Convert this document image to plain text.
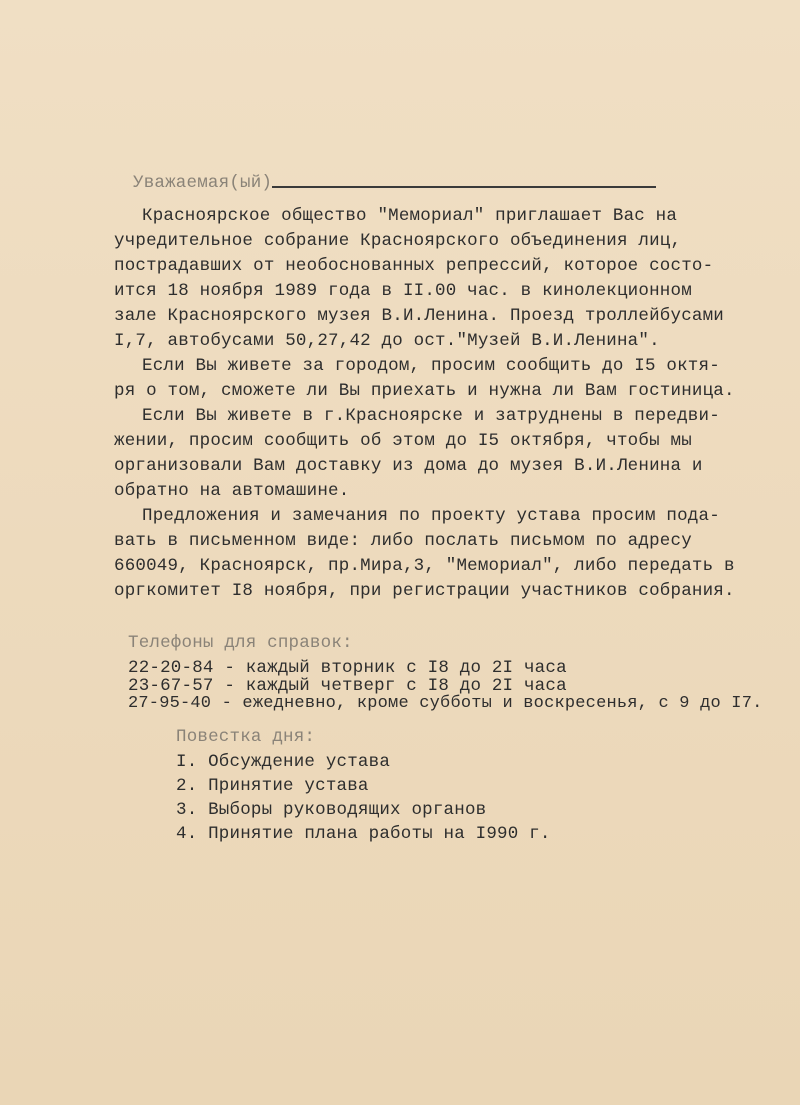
Уважаемая(ый)
Красноярское общество "Мемориал" приглашает Вас на
учредительное собрание Красноярского объединения лиц,
пострадавших от необоснованных репрессий, которое состо-
ится 18 ноября 1989 года в II.00 час. в кинолекционном
зале Красноярского музея В.И.Ленина. Проезд троллейбусами
I,7, автобусами 50,27,42 до ост."Музей В.И.Ленина".
Если Вы живете за городом, просим сообщить до I5 октя-
ря о том, сможете ли Вы приехать и нужна ли Вам гостиница.
Если Вы живете в г.Красноярске и затруднены в передви-
жении, просим сообщить об этом до I5 октября, чтобы мы
организовали Вам доставку из дома до музея В.И.Ленина и
обратно на автомашине.
Предложения и замечания по проекту устава просим пода-
вать в письменном виде: либо послать письмом по адресу
660049, Красноярск, пр.Мира,3, "Мемориал", либо передать в
оргкомитет I8 ноября, при регистрации участников собрания.
Телефоны для справок:
22-20-84 - каждый вторник с I8 до 2I часа
23-67-57 - каждый четверг с I8 до 2I часа
27-95-40 - ежедневно, кроме субботы и воскресенья, с 9 до I7.
Повестка дня:
I. Обсуждение устава
2. Принятие устава
3. Выборы руководящих органов
4. Принятие плана работы на I990 г.
